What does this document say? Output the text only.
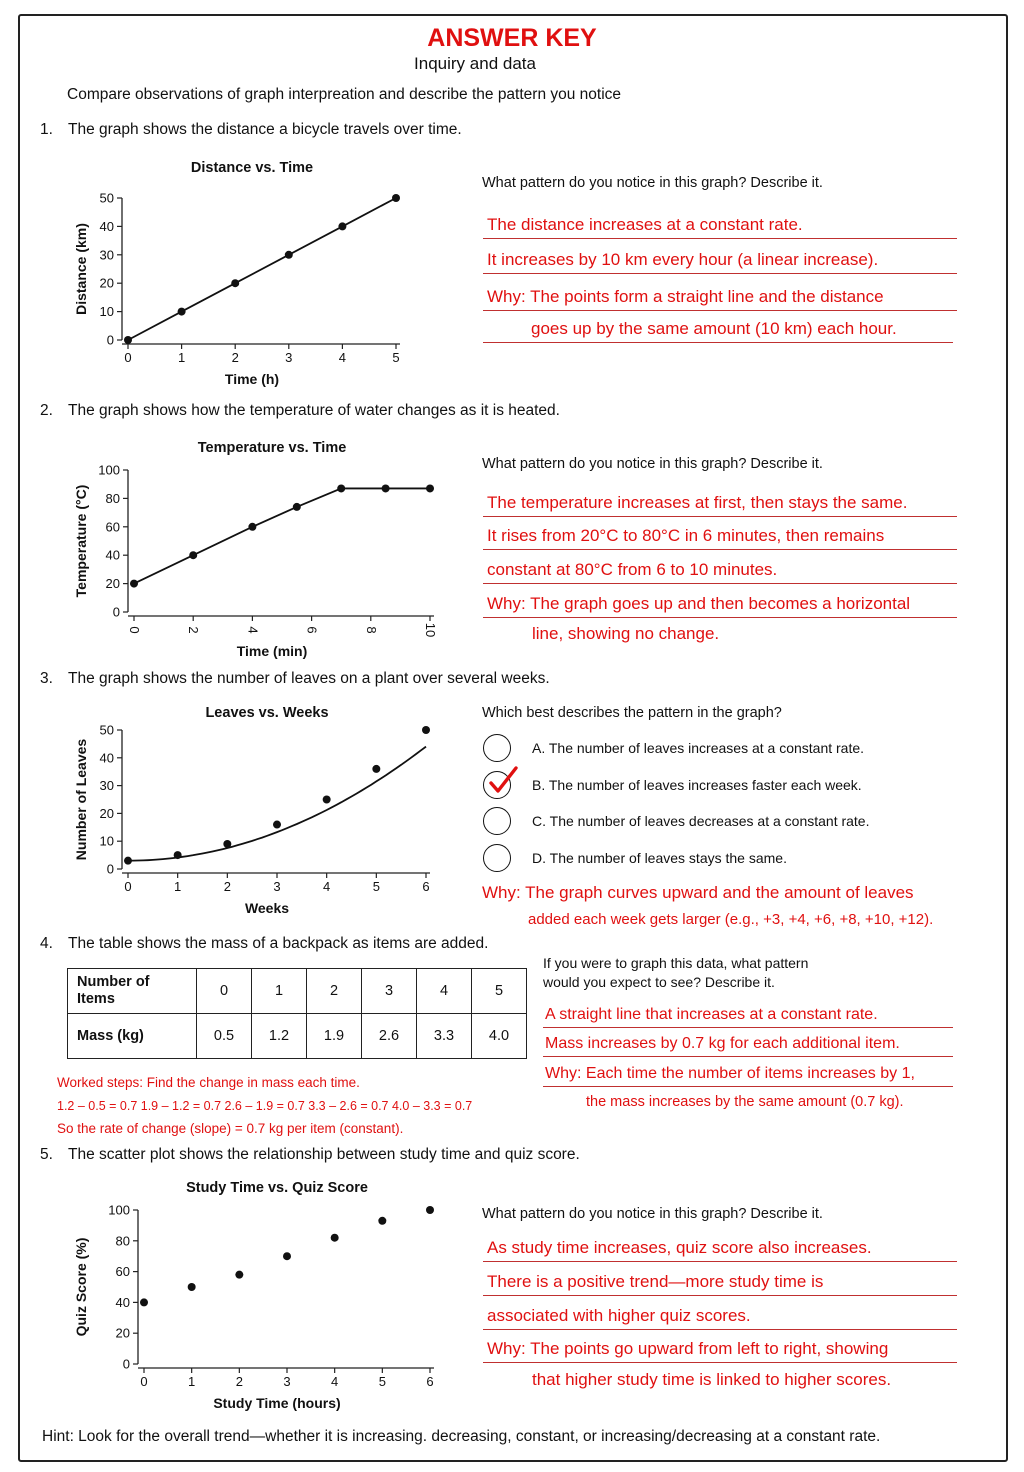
ANSWER KEY
Inquiry and data
Compare observations of graph interpreation and describe the pattern you notice
1. The graph shows the distance a bicycle travels over time.
Distance vs. Time
0
10
20
30
40
50
0	1	2	3	4	5
Time (h)
Distance (km)
What pattern do you notice in this graph? Describe it.
The distance increases at a constant rate.
It increases by 10 km every hour (a linear increase).
Why: The points form a straight line and the distance
goes up by the same amount (10 km) each hour.
2. The graph shows how the temperature of water changes as it is heated.
Temperature vs. Time
0
20
40
60
80
100
0	2	4	6	8	10
Time (min)
Temperature (°C)
What pattern do you notice in this graph? Describe it.
The temperature increases at first, then stays the same.
It rises from 20°C to 80°C in 6 minutes, then remains
constant at 80°C from 6 to 10 minutes.
Why: The graph goes up and then becomes a horizontal
line, showing no change.
3. The graph shows the number of leaves on a plant over several weeks.
Leaves vs. Weeks
0
10
20
30
40
50
0	1	2	3	4	5	6
Weeks
Number of Leaves
Which best describes the pattern in the graph?
A. The number of leaves increases at a constant rate.
B. The number of leaves increases faster each week.
C. The number of leaves decreases at a constant rate.
D. The number of leaves stays the same.
Why: The graph curves upward and the amount of leaves
added each week gets larger (e.g., +3, +4, +6, +8, +10, +12).
4. The table shows the mass of a backpack as items are added.
Number of
Items	0	1	2	3	4	5
Mass (kg)	0.5	1.2	1.9	2.6	3.3	4.0
Worked steps: Find the change in mass each time.
1.2 – 0.5 = 0.7 1.9 – 1.2 = 0.7 2.6 – 1.9 = 0.7 3.3 – 2.6 = 0.7 4.0 – 3.3 = 0.7
So the rate of change (slope) = 0.7 kg per item (constant).
If you were to graph this data, what pattern
would you expect to see? Describe it.
A straight line that increases at a constant rate.
Mass increases by 0.7 kg for each additional item.
Why: Each time the number of items increases by 1,
the mass increases by the same amount (0.7 kg).
5. The scatter plot shows the relationship between study time and quiz score.
Study Time vs. Quiz Score
0
20
40
60
80
100
0	1	2	3	4	5	6
Study Time (hours)
Quiz Score (%)
What pattern do you notice in this graph? Describe it.
As study time increases, quiz score also increases.
There is a positive trend—more study time is
associated with higher quiz scores.
Why: The points go upward from left to right, showing
that higher study time is linked to higher scores.
Hint: Look for the overall trend—whether it is increasing. decreasing, constant, or increasing/decreasing at a constant rate.
